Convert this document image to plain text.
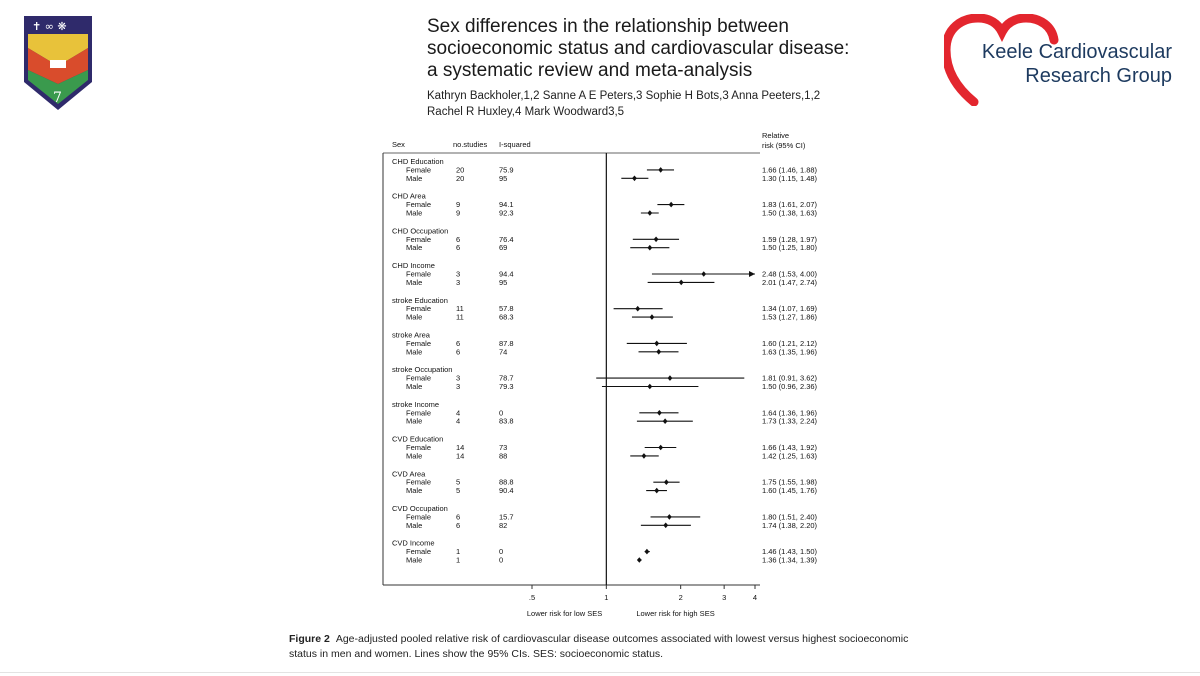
✝ ∞ ❋
7
Sex differences in the relationship between
socioeconomic status and cardiovascular disease:
a systematic review and meta-analysis
Kathryn Backholer,1,2 Sanne A E Peters,3 Sophie H Bots,3 Anna Peeters,1,2
Rachel R Huxley,4 Mark Woodward3,5
Keele Cardiovascular
Research Group
Sex	no.studies I-squared
Relative
risk (95% CI)
CHD Education
Female	20	75.9	1.66 (1.46, 1.88)
Male	20	95	1.30 (1.15, 1.48)
CHD Area
Female	9	94.1	1.83 (1.61, 2.07)
Male	9	92.3	1.50 (1.38, 1.63)
CHD Occupation
Female	6	76.4	1.59 (1.28, 1.97)
Male	6	69	1.50 (1.25, 1.80)
CHD Income
Female	3	94.4	2.48 (1.53, 4.00)
Male	3	95	2.01 (1.47, 2.74)
stroke Education
Female	11	57.8	1.34 (1.07, 1.69)
Male	11	68.3	1.53 (1.27, 1.86)
stroke Area
Female	6	87.8	1.60 (1.21, 2.12)
Male	6	74	1.63 (1.35, 1.96)
stroke Occupation
Female	3	78.7	1.81 (0.91, 3.62)
Male	3	79.3	1.50 (0.96, 2.36)
stroke Income
Female	4	0	1.64 (1.36, 1.96)
Male	4	83.8	1.73 (1.33, 2.24)
CVD Education
Female	14	73	1.66 (1.43, 1.92)
Male	14	88	1.42 (1.25, 1.63)
CVD Area
Female	5	88.8	1.75 (1.55, 1.98)
Male	5	90.4	1.60 (1.45, 1.76)
CVD Occupation
Female	6	15.7	1.80 (1.51, 2.40)
Male	6	82	1.74 (1.38, 2.20)
CVD Income
Female	1	0	1.46 (1.43, 1.50)
Male	1	0	1.36 (1.34, 1.39)
.5	1	2	3	4
Lower risk for low SES	Lower risk for high SES
Figure 2 Age-adjusted pooled relative risk of cardiovascular disease outcomes associated with lowest versus highest socioeconomic status in men and women. Lines show the 95% CIs. SES: socioeconomic status.
